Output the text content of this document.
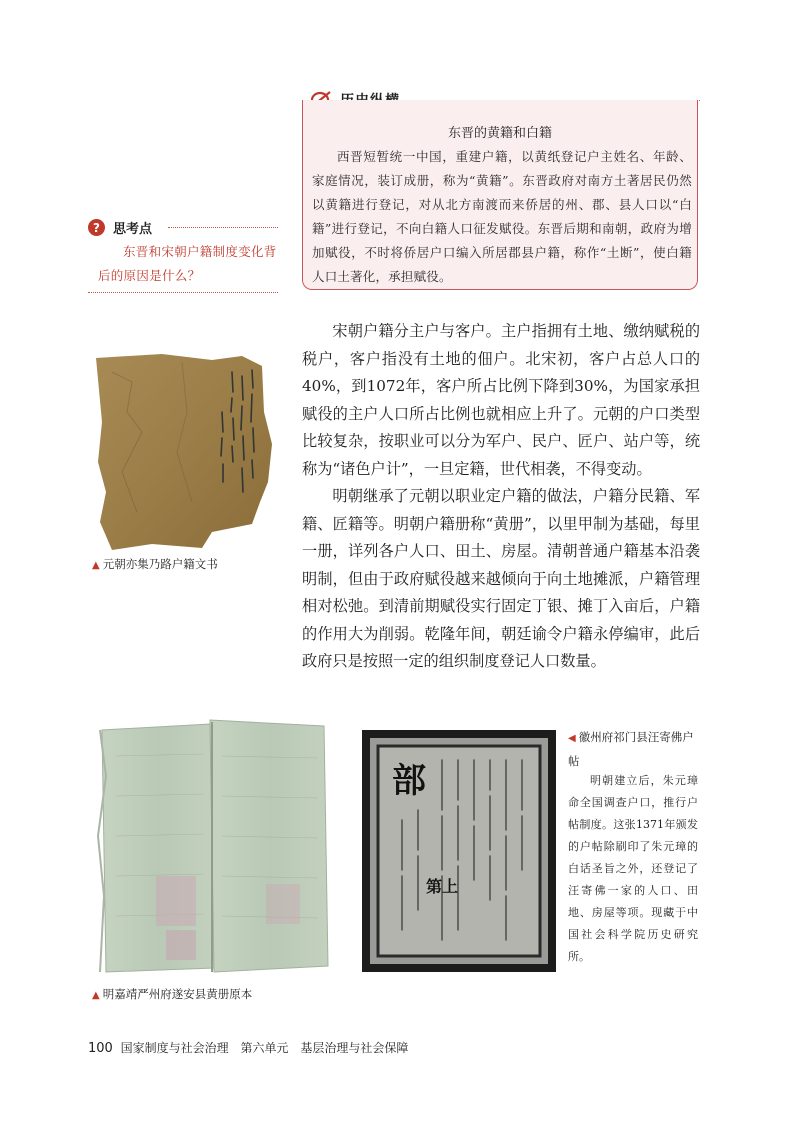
东晋的黄籍和白籍
西晋短暂统一中国，重建户籍，以黄纸登记户主姓名、年龄、家庭情况，装订成册，称为“黄籍”。东晋政府对南方土著居民仍然以黄籍进行登记，对从北方南渡而来侨居的州、郡、县人口以“白籍”进行登记，不向白籍人口征发赋役。东晋后期和南朝，政府为增加赋役，不时将侨居户口编入所居郡县户籍，称作“土断”，使白籍人口土著化，承担赋役。
? 思考点
东晋和宋朝户籍制度变化背后的原因是什么？

宋朝户籍分主户与客户。主户指拥有土地、缴纳赋税的税户，客户指没有土地的佃户。北宋初，客户占总人口的40%，到1072年，客户所占比例下降到30%，为国家承担赋役的主户人口所占比例也就相应上升了。元朝的户口类型比较复杂，按职业可以分为军户、民户、匠户、站户等，统称为“诸色户计”，一旦定籍，世代相袭，不得变动。

明朝继承了元朝以职业定户籍的做法，户籍分民籍、军籍、匠籍等。明朝户籍册称“黄册”，以里甲制为基础，每里一册，详列各户人口、田土、房屋。清朝普通户籍基本沿袭明制，但由于政府赋役越来越倾向于向土地摊派，户籍管理相对松弛。到清前期赋役实行固定丁银、摊丁入亩后，户籍的作用大为削弱。乾隆年间，朝廷谕令户籍永停编审，此后政府只是按照一定的组织制度登记人口数量。

▲ 元朝亦集乃路户籍文书
▲ 明嘉靖严州府遂安县黄册原本
部
第上
◀ 徽州府祁门县汪寄佛户帖
明朝建立后，朱元璋命全国调查户口，推行户帖制度。这张1371年颁发的户帖除刷印了朱元璋的白话圣旨之外，还登记了汪寄佛一家的人口、田地、房屋等项。现藏于中国社会科学院历史研究所。
100 国家制度与社会治理 第六单元 基层治理与社会保障
